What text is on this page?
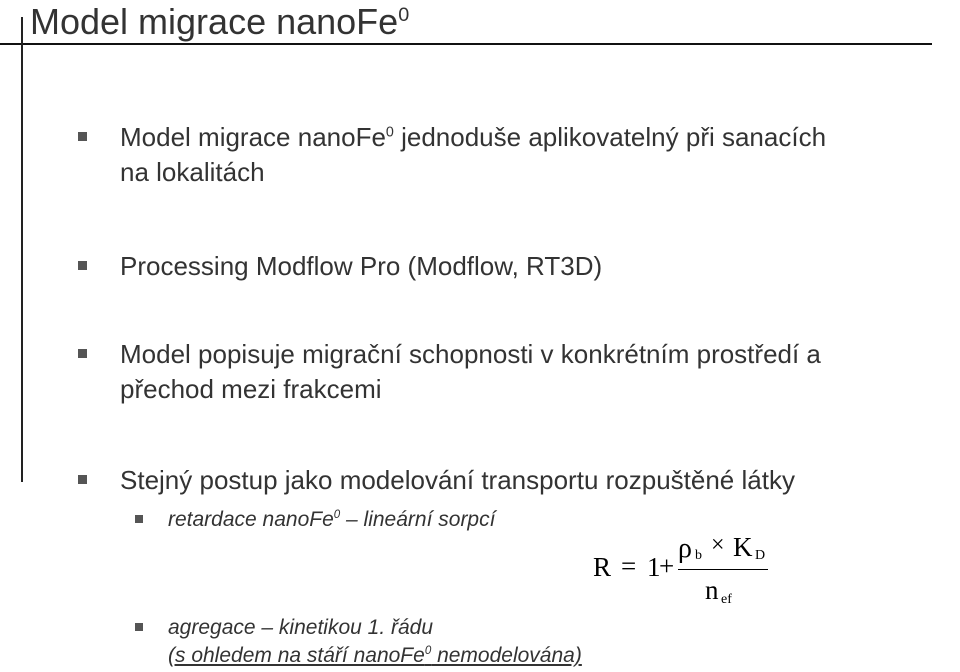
Model migrace nanoFe$^0$
Model migrace nanoFe$^0$ jednoduše aplikovatelný při sanacích
na lokalitách
Processing Modflow Pro (Modflow, RT3D)
Model popisuje migrační schopnosti v konkrétním prostředí a
přechod mezi frakcemi
Stejný postup jako modelování transportu rozpuštěné látky
retardace nanoFe$^0$ – lineární sorpcí
agregace – kinetikou 1. řádu
(s ohledem na stáří nanoFe$^0$ nemodelována)
R = 1
+
ρ b × K D
n ef
